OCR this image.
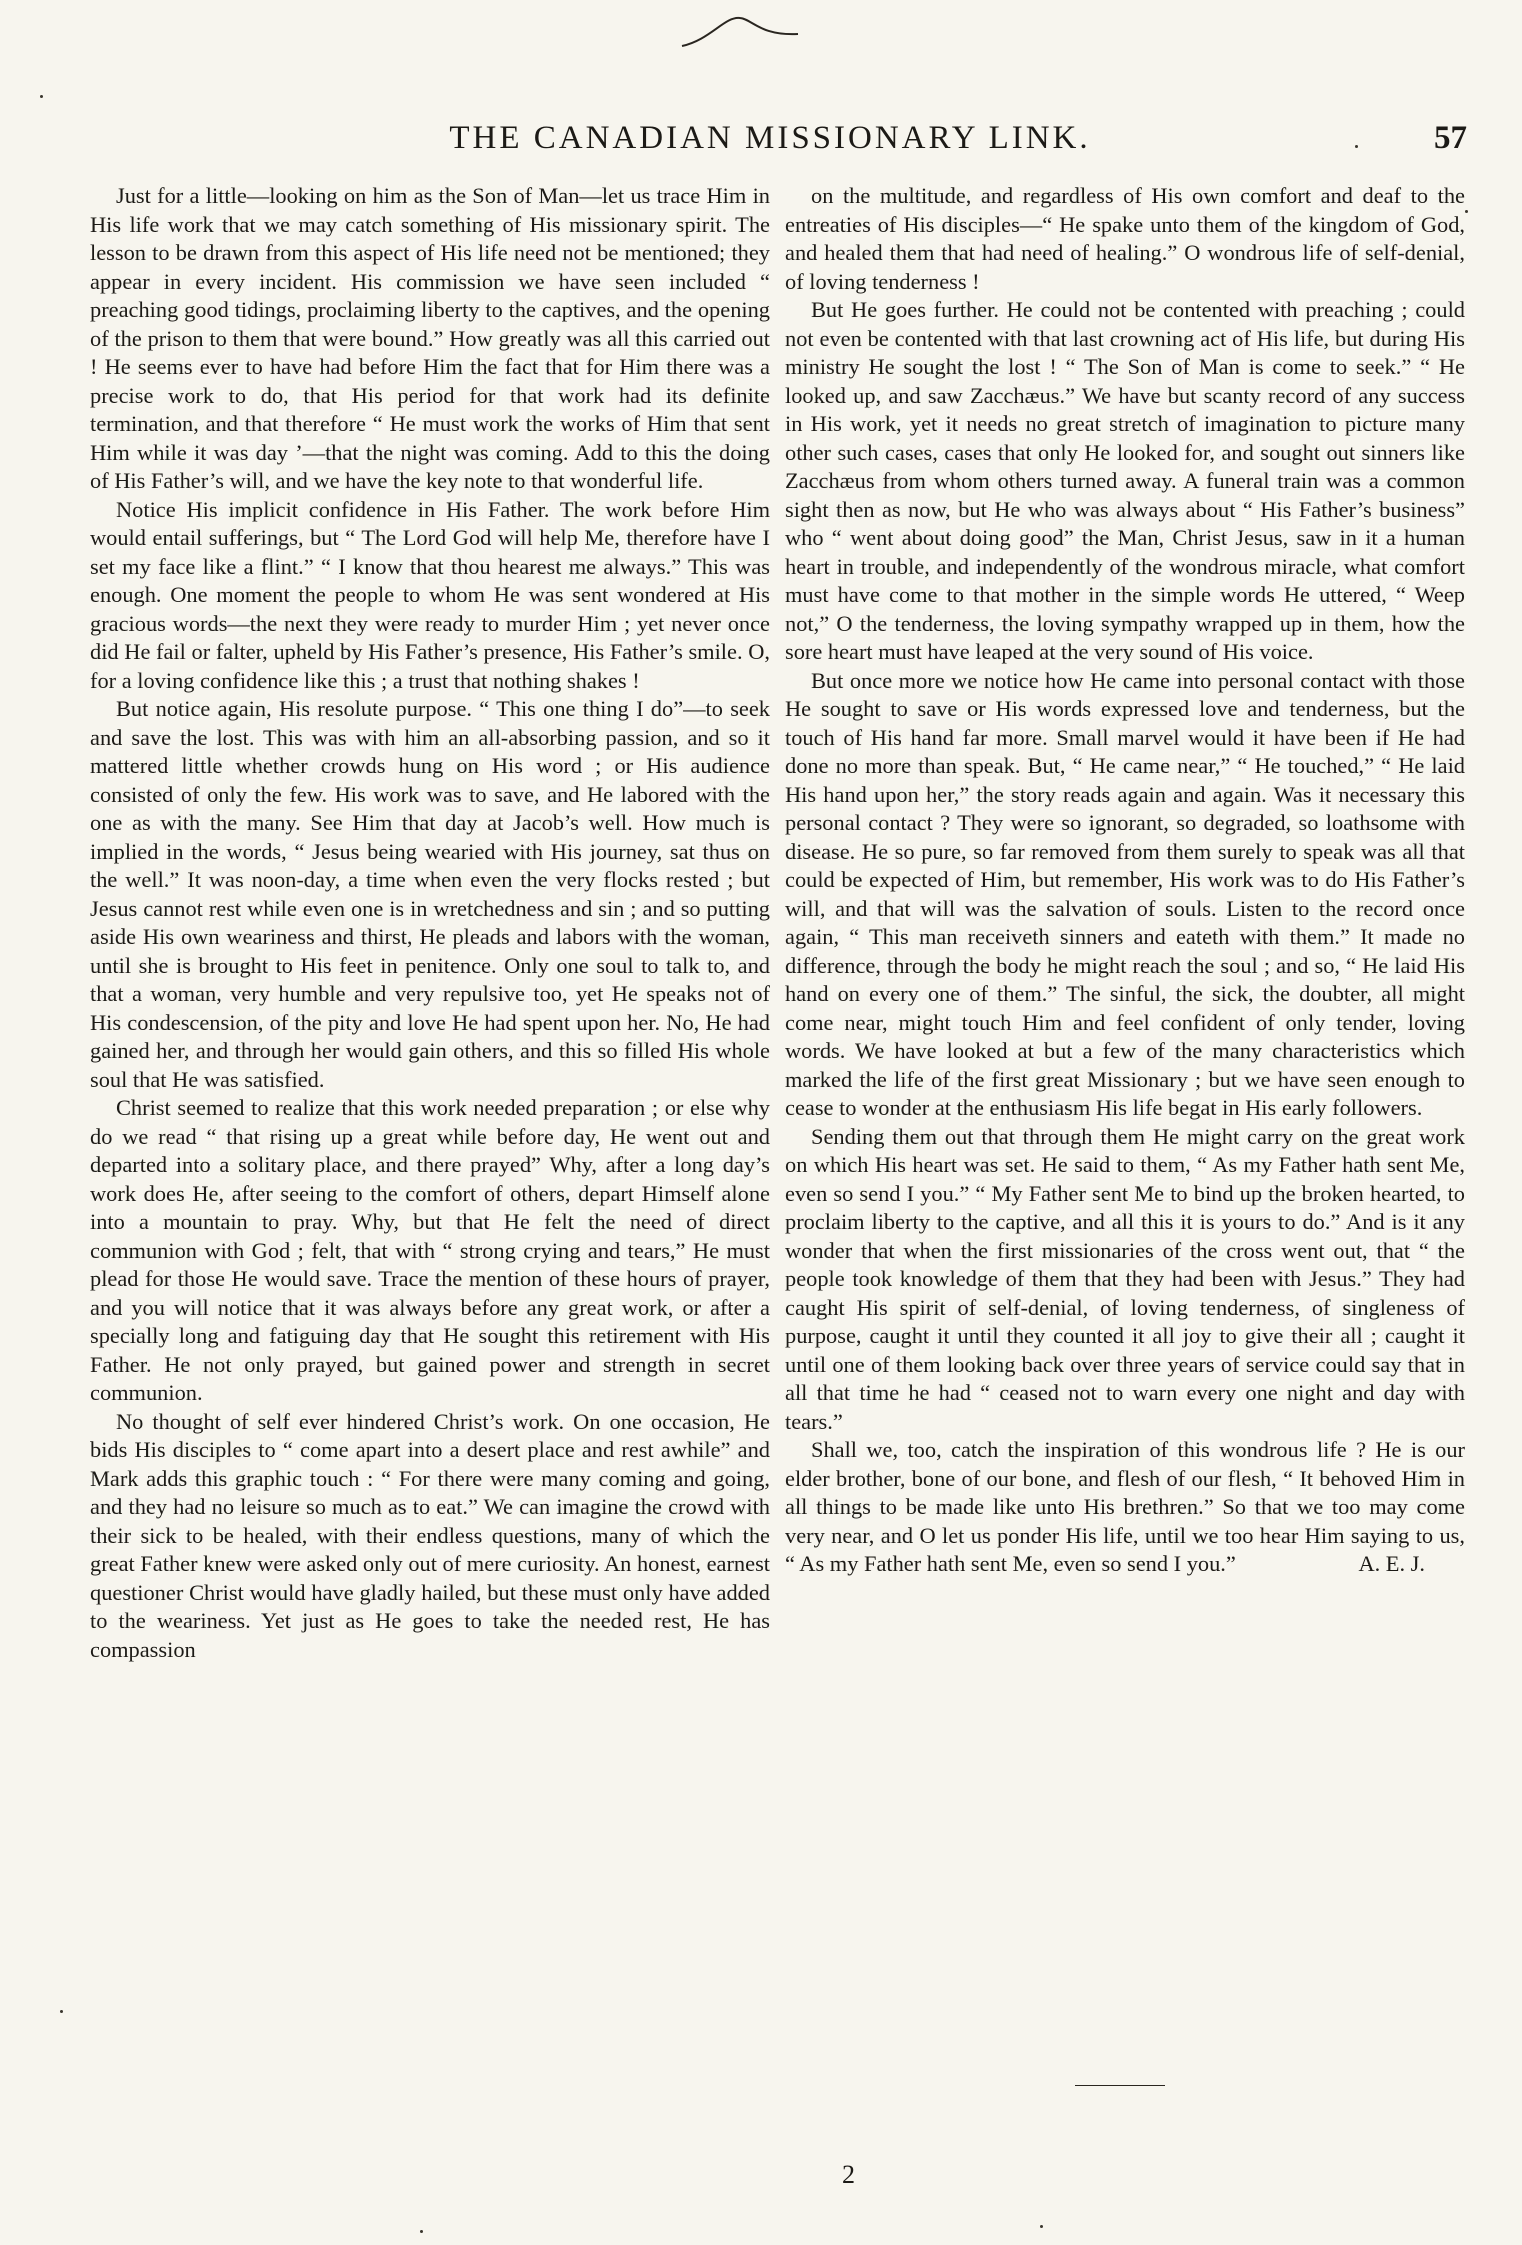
THE CANADIAN MISSIONARY LINK.	57

Just for a little—looking on him as the Son of Man—let us trace Him in His life work that we may catch something of His missionary spirit. The lesson to be drawn from this aspect of His life need not be mentioned; they appear in every incident. His commission we have seen included “ preaching good tidings, proclaiming liberty to the captives, and the opening of the prison to them that were bound.” How greatly was all this carried out ! He seems ever to have had before Him the fact that for Him there was a precise work to do, that His period for that work had its definite termination, and that therefore “ He must work the works of Him that sent Him while it was day ’—that the night was coming. Add to this the doing of His Father’s will, and we have the key note to that wonderful life.

Notice His implicit confidence in His Father. The work before Him would entail sufferings, but “ The Lord God will help Me, therefore have I set my face like a flint.” “ I know that thou hearest me always.” This was enough. One moment the people to whom He was sent wondered at His gracious words—the next they were ready to murder Him ; yet never once did He fail or falter, upheld by His Father’s presence, His Father’s smile. O, for a loving confidence like this ; a trust that nothing shakes !

But notice again, His resolute purpose. “ This one thing I do”—to seek and save the lost. This was with him an all-absorbing passion, and so it mattered little whether crowds hung on His word ; or His audience consisted of only the few. His work was to save, and He labored with the one as with the many. See Him that day at Jacob’s well. How much is implied in the words, “ Jesus being wearied with His journey, sat thus on the well.” It was noon-day, a time when even the very flocks rested ; but Jesus cannot rest while even one is in wretchedness and sin ; and so putting aside His own weariness and thirst, He pleads and labors with the woman, until she is brought to His feet in penitence. Only one soul to talk to, and that a woman, very humble and very repulsive too, yet He speaks not of His condescension, of the pity and love He had spent upon her. No, He had gained her, and through her would gain others, and this so filled His whole soul that He was satisfied.

Christ seemed to realize that this work needed preparation ; or else why do we read “ that rising up a great while before day, He went out and departed into a solitary place, and there prayed” Why, after a long day’s work does He, after seeing to the comfort of others, depart Himself alone into a mountain to pray. Why, but that He felt the need of direct communion with God ; felt, that with “ strong crying and tears,” He must plead for those He would save. Trace the mention of these hours of prayer, and you will notice that it was always before any great work, or after a specially long and fatiguing day that He sought this retirement with His Father. He not only prayed, but gained power and strength in secret communion.

No thought of self ever hindered Christ’s work. On one occasion, He bids His disciples to “ come apart into a desert place and rest awhile” and Mark adds this graphic touch : “ For there were many coming and going, and they had no leisure so much as to eat.” We can imagine the crowd with their sick to be healed, with their endless questions, many of which the great Father knew were asked only out of mere curiosity. An honest, earnest questioner Christ would have gladly hailed, but these must only have added to the weariness. Yet just as He goes to take the needed rest, He has compassion

on the multitude, and regardless of His own comfort and deaf to the entreaties of His disciples—“ He spake unto them of the kingdom of God, and healed them that had need of healing.” O wondrous life of self-denial, of loving tenderness !

But He goes further. He could not be contented with preaching ; could not even be contented with that last crowning act of His life, but during His ministry He sought the lost ! “ The Son of Man is come to seek.” “ He looked up, and saw Zacchæus.” We have but scanty record of any success in His work, yet it needs no great stretch of imagination to picture many other such cases, cases that only He looked for, and sought out sinners like Zacchæus from whom others turned away. A funeral train was a common sight then as now, but He who was always about “ His Father’s business” who “ went about doing good” the Man, Christ Jesus, saw in it a human heart in trouble, and independently of the wondrous miracle, what comfort must have come to that mother in the simple words He uttered, “ Weep not,” O the tenderness, the loving sympathy wrapped up in them, how the sore heart must have leaped at the very sound of His voice.

But once more we notice how He came into personal contact with those He sought to save or His words expressed love and tenderness, but the touch of His hand far more. Small marvel would it have been if He had done no more than speak. But, “ He came near,” “ He touched,” “ He laid His hand upon her,” the story reads again and again. Was it necessary this personal contact ? They were so ignorant, so degraded, so loathsome with disease. He so pure, so far removed from them surely to speak was all that could be expected of Him, but remember, His work was to do His Father’s will, and that will was the salvation of souls. Listen to the record once again, “ This man receiveth sinners and eateth with them.” It made no difference, through the body he might reach the soul ; and so, “ He laid His hand on every one of them.” The sinful, the sick, the doubter, all might come near, might touch Him and feel confident of only tender, loving words. We have looked at but a few of the many characteristics which marked the life of the first great Missionary ; but we have seen enough to cease to wonder at the enthusiasm His life begat in His early followers.

Sending them out that through them He might carry on the great work on which His heart was set. He said to them, “ As my Father hath sent Me, even so send I you.” “ My Father sent Me to bind up the broken hearted, to proclaim liberty to the captive, and all this it is yours to do.” And is it any wonder that when the first missionaries of the cross went out, that “ the people took knowledge of them that they had been with Jesus.” They had caught His spirit of self-denial, of loving tenderness, of singleness of purpose, caught it until they counted it all joy to give their all ; caught it until one of them looking back over three years of service could say that in all that time he had “ ceased not to warn every one night and day with tears.”

Shall we, too, catch the inspiration of this wondrous life ? He is our elder brother, bone of our bone, and flesh of our flesh, “ It behoved Him in all things to be made like unto His brethren.” So that we too may come very near, and O let us ponder His life, until we too hear Him saying to us, “ As my Father hath sent Me, even so send I you.”	A. E. J.

2
